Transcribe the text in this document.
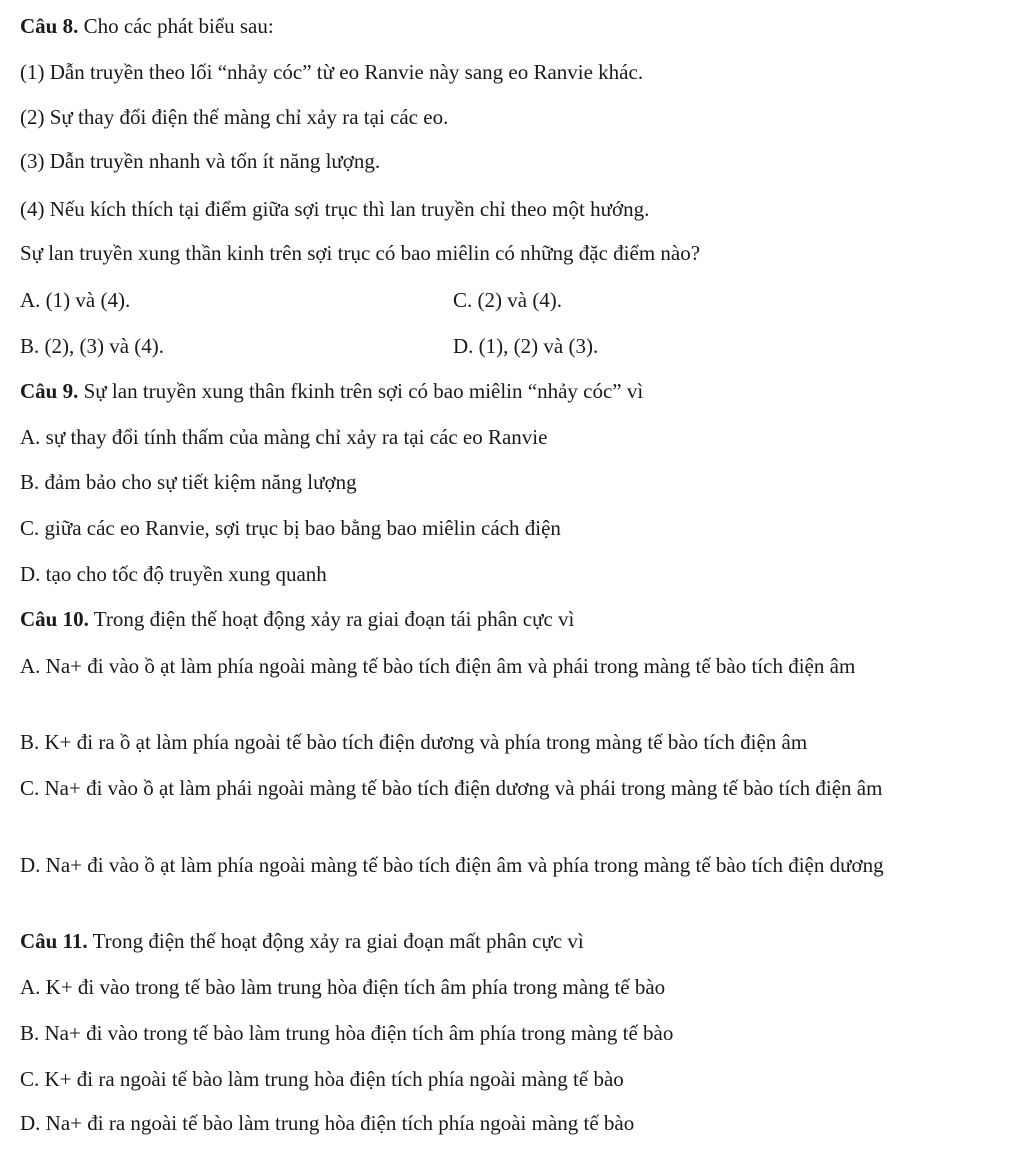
Câu 8. Cho các phát biểu sau:
(1) Dẫn truyền theo lối “nhảy cóc” từ eo Ranvie này sang eo Ranvie khác.
(2) Sự thay đổi điện thế màng chỉ xảy ra tại các eo.
(3) Dẫn truyền nhanh và tốn ít năng lượng.
(4) Nếu kích thích tại điểm giữa sợi trục thì lan truyền chỉ theo một hướng.
Sự lan truyền xung thần kinh trên sợi trục có bao miêlin có những đặc điểm nào?
A. (1) và (4).	C. (2) và (4).
B. (2), (3) và (4).	D. (1), (2) và (3).
Câu 9. Sự lan truyền xung thân fkinh trên sợi có bao miêlin “nhảy cóc” vì
A. sự thay đổi tính thấm của màng chỉ xảy ra tại các eo Ranvie
B. đảm bảo cho sự tiết kiệm năng lượng
C. giữa các eo Ranvie, sợi trục bị bao bằng bao miêlin cách điện
D. tạo cho tốc độ truyền xung quanh
Câu 10. Trong điện thế hoạt động xảy ra giai đoạn tái phân cực vì
A. Na+ đi vào ồ ạt làm phía ngoài màng tế bào tích điện âm và phái trong màng tế bào tích điện âm
B. K+ đi ra ồ ạt làm phía ngoài tế bào tích điện dương và phía trong màng tế bào tích điện âm
C. Na+ đi vào ồ ạt làm phái ngoài màng tế bào tích điện dương và phái trong màng tế bào tích điện âm
D. Na+ đi vào ồ ạt làm phía ngoài màng tế bào tích điện âm và phía trong màng tế bào tích điện dương
Câu 11. Trong điện thế hoạt động xảy ra giai đoạn mất phân cực vì
A. K+ đi vào trong tế bào làm trung hòa điện tích âm phía trong màng tế bào
B. Na+ đi vào trong tế bào làm trung hòa điện tích âm phía trong màng tế bào
C. K+ đi ra ngoài tế bào làm trung hòa điện tích phía ngoài màng tế bào
D. Na+ đi ra ngoài tế bào làm trung hòa điện tích phía ngoài màng tế bào
